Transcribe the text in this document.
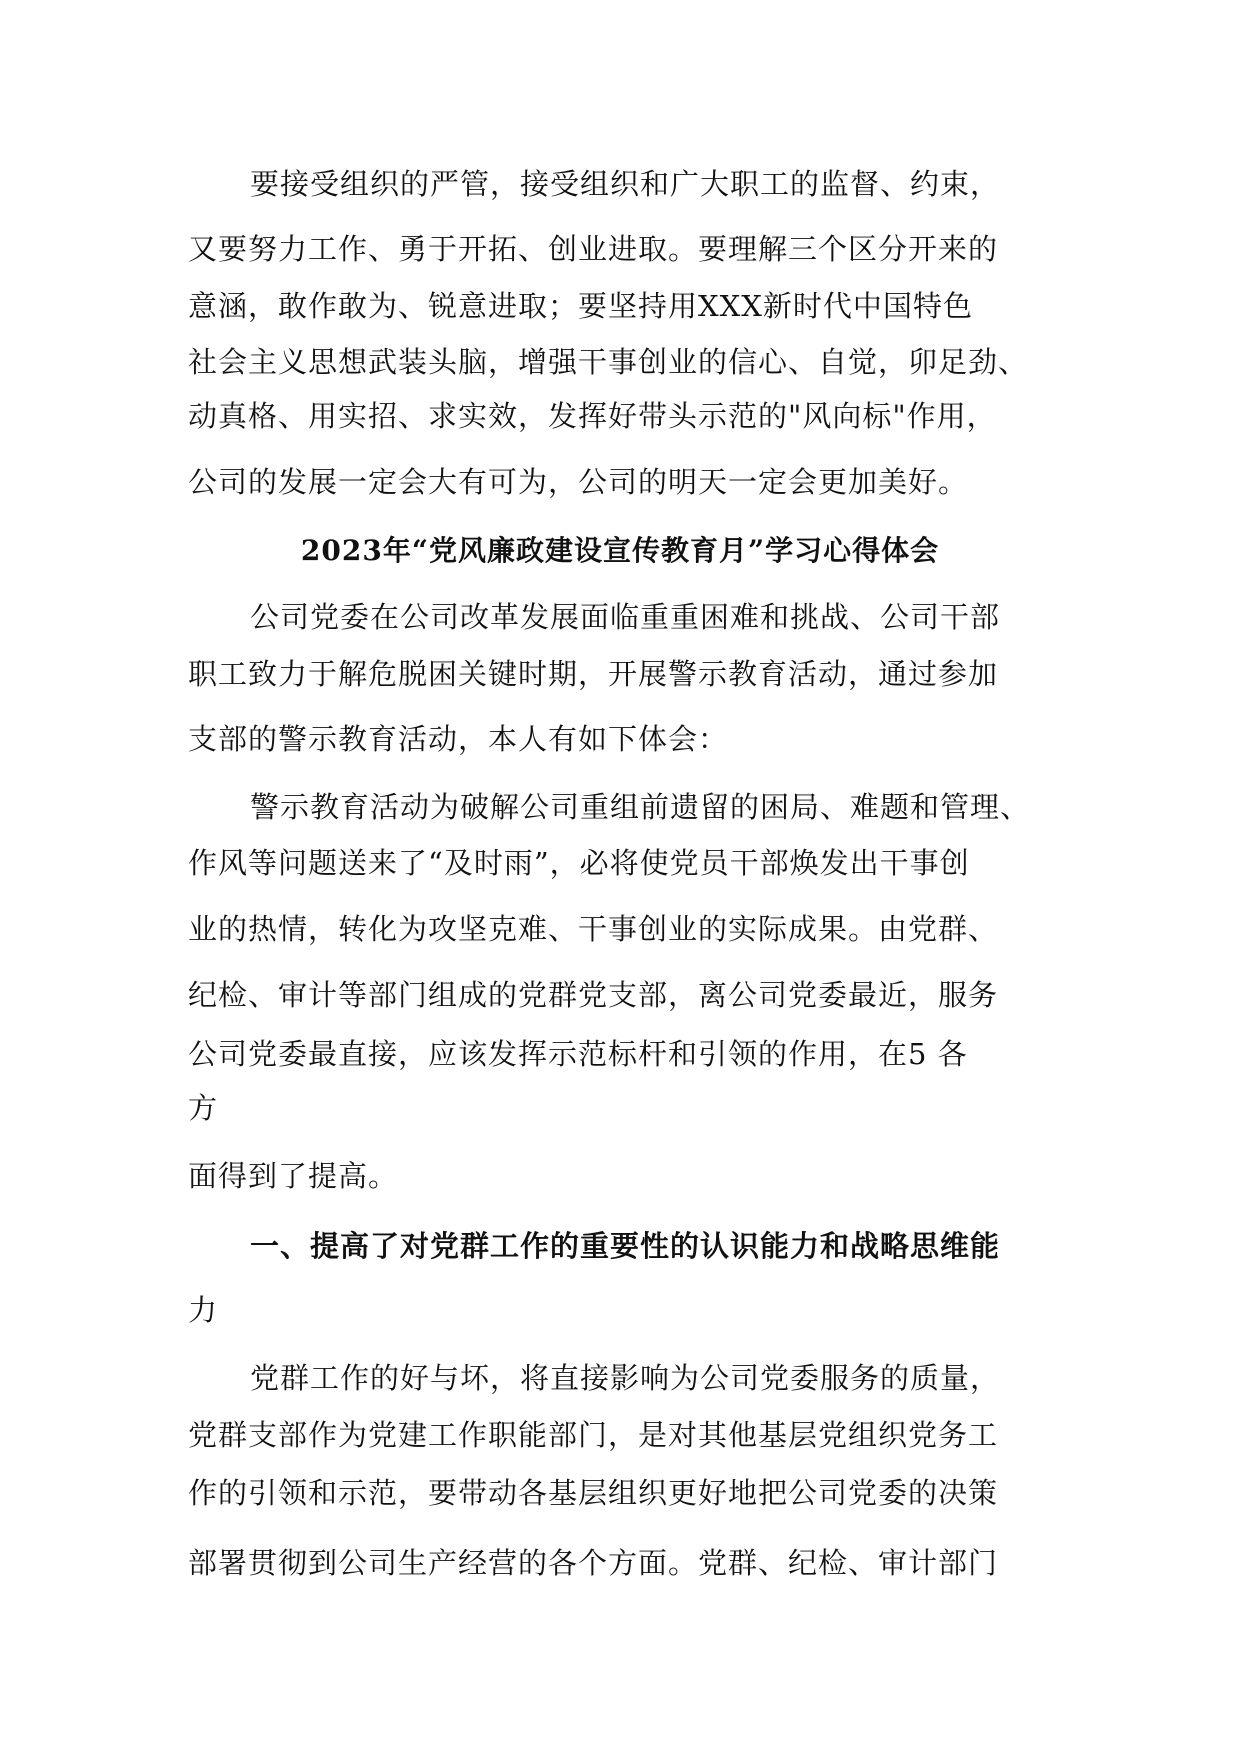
要接受组织的严管，接受组织和广大职工的监督、约束，
又要努力工作、勇于开拓、创业进取。要理解三个区分开来的
意涵，敢作敢为、锐意进取；要坚持用XXX新时代中国特色
社会主义思想武装头脑，增强干事创业的信心、自觉，卯足劲、
动真格、用实招、求实效，发挥好带头示范的"风向标"作用，
公司的发展一定会大有可为，公司的明天一定会更加美好。
2023年“党风廉政建设宣传教育月”学习心得体会
公司党委在公司改革发展面临重重困难和挑战、公司干部
职工致力于解危脱困关键时期，开展警示教育活动，通过参加
支部的警示教育活动，本人有如下体会：
警示教育活动为破解公司重组前遗留的困局、难题和管理、
作风等问题送来了“及时雨”，必将使党员干部焕发出干事创
业的热情，转化为攻坚克难、干事创业的实际成果。由党群、
纪检、审计等部门组成的党群党支部，离公司党委最近，服务
公司党委最直接，应该发挥示范标杆和引领的作用，在5 各
方
面得到了提高。
一、提高了对党群工作的重要性的认识能力和战略思维能
力
党群工作的好与坏，将直接影响为公司党委服务的质量，
党群支部作为党建工作职能部门，是对其他基层党组织党务工
作的引领和示范，要带动各基层组织更好地把公司党委的决策
部署贯彻到公司生产经营的各个方面。党群、纪检、审计部门
